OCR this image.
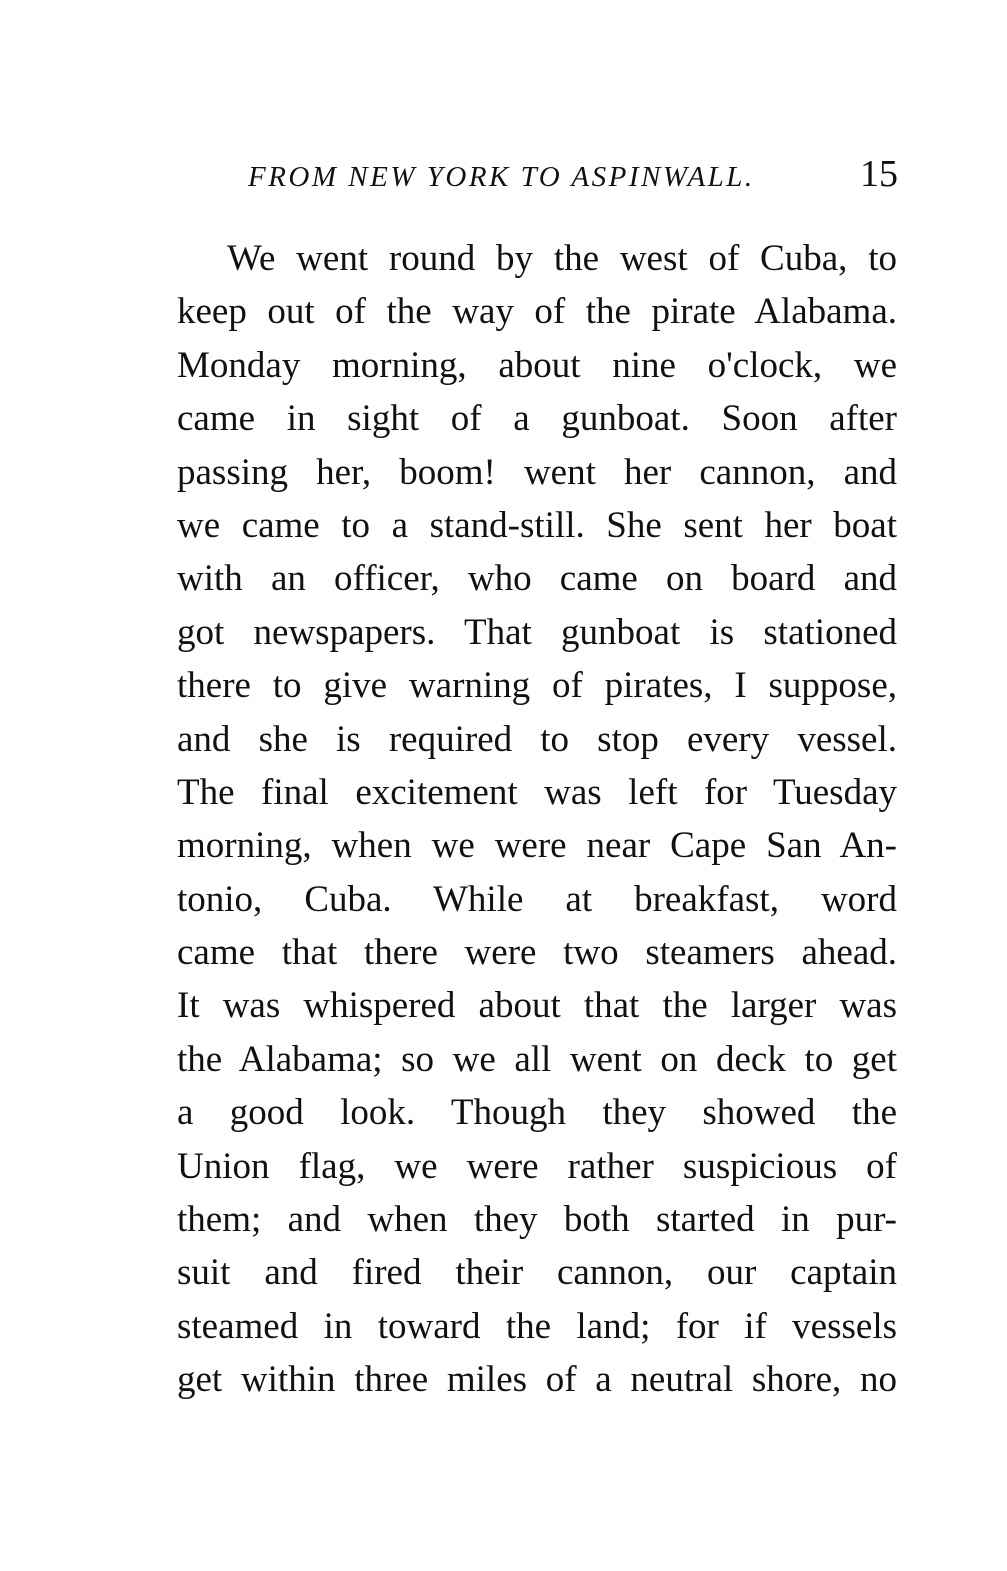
FROM NEW YORK TO ASPINWALL.	15
We went round by the west of Cuba, to
keep out of the way of the pirate Alabama.
Monday morning, about nine o'clock, we
came in sight of a gunboat. Soon after
passing her, boom! went her cannon, and
we came to a stand-still. She sent her boat
with an officer, who came on board and
got newspapers. That gunboat is stationed
there to give warning of pirates, I suppose,
and she is required to stop every vessel.
The final excitement was left for Tuesday
morning, when we were near Cape San An-
tonio, Cuba. While at breakfast, word
came that there were two steamers ahead.
It was whispered about that the larger was
the Alabama; so we all went on deck to get
a good look. Though they showed the
Union flag, we were rather suspicious of
them; and when they both started in pur-
suit and fired their cannon, our captain
steamed in toward the land; for if vessels
get within three miles of a neutral shore, no
